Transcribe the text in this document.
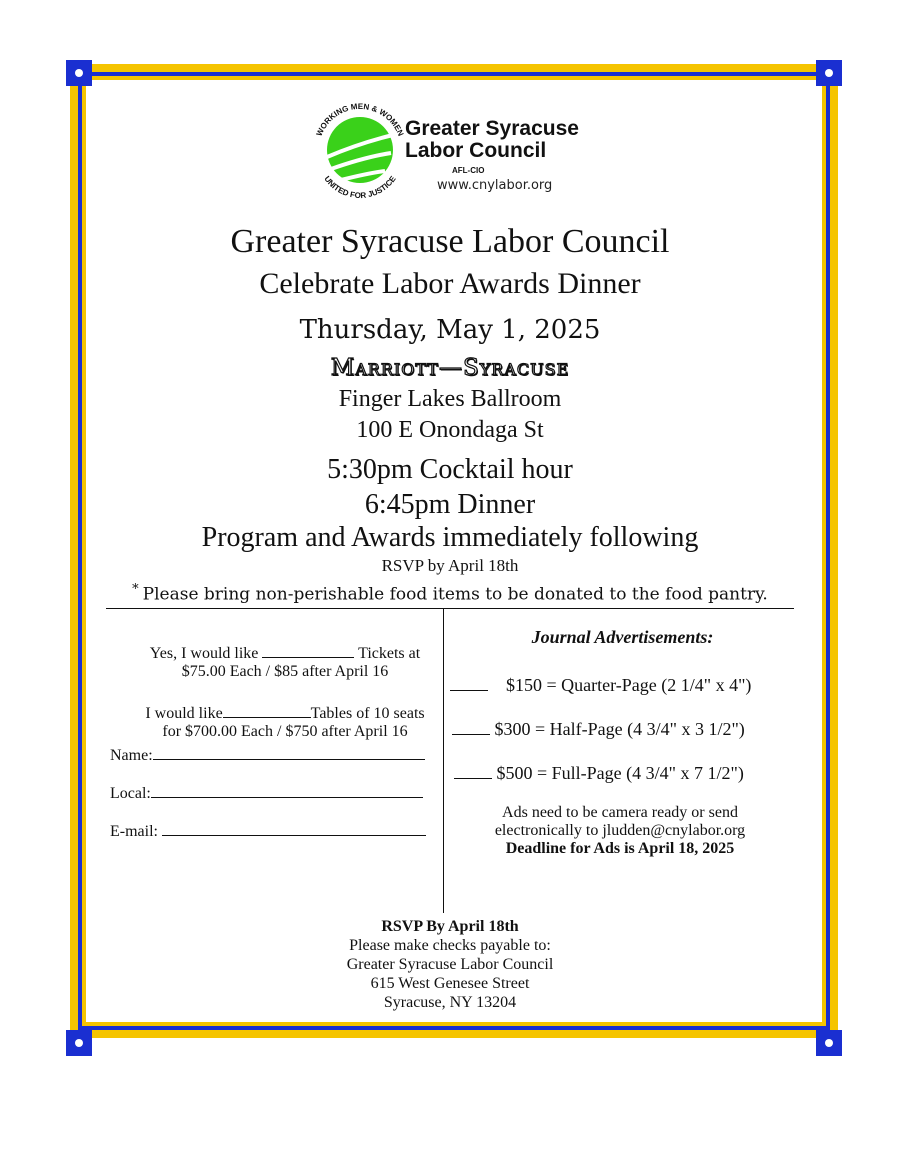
WORKING MEN & WOMEN
UNITED FOR JUSTICE
Greater Syracuse
Labor Council
AFL-CIO
www.cnylabor.org
Greater Syracuse Labor Council
Celebrate Labor Awards Dinner
Thursday, May 1, 2025
Marriott—Syracuse
Finger Lakes Ballroom
100 E Onondaga St
5:30pm Cocktail hour
6:45pm Dinner
Program and Awards immediately following
RSVP by April 18th
* Please bring non-perishable food items to be donated to the food pantry.
Yes, I would like	Tickets at
$75.00 Each / $85 after April 16
I would like	Tables of 10 seats
for $700.00 Each / $750 after April 16
Name:
Local:
E-mail:
Journal Advertisements:
$150 = Quarter-Page (2 1/4" x 4")
$300 = Half-Page (4 3/4" x 3 1/2")
$500 = Full-Page (4 3/4" x 7 1/2")
Ads need to be camera ready or send
electronically to jludden@cnylabor.org
Deadline for Ads is April 18, 2025
RSVP By April 18th
Please make checks payable to:
Greater Syracuse Labor Council
615 West Genesee Street
Syracuse, NY 13204
